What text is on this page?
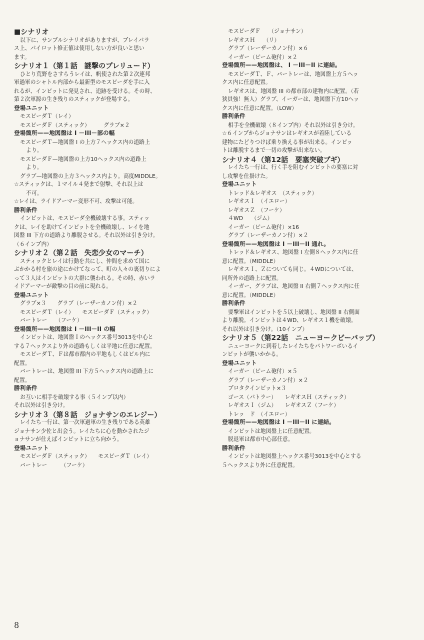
■シナリオ
以下に、サンプルシナリオがありますが、プレイパラ
ス上、パイロット修正値は使用しない方が良いと思い
ます。
シナリオ１（第１話　謎撃のプレリュード）
ひとり荒野をさすらうレイは、帆使された第２次連邦
軍過軍のシャトル内部から最新型のモスピーダを手に入
れるが、インビットに発見され、追跡を受ける。その時、
第２次軍源の生き残りのスティックが登場する。
登場ユニット
モスピーダＴ（レイ）
モスピーダＦ（スティック）　　　グラブ×２
登場箇所——地図盤は I －III－部の幅
モスピーダＴ—地図盤 I の上方７ヘックス内の道路上
より。
モスピーダＦ—地図盤の上方10ヘックス内の道路上
より。
グラブ—地図盤の上方３ヘックス内より。高度MIDDLE。
☆スティックは、１マイル４発まで射撃、それ以上は
不可。
☆レイは、ライドアーマー変形不可、攻撃は可能。
勝利条件
インビットは、モスピーダ全機破壊する事。スティッ
クは、レイを助けてインビットを全機破壊し、レイを地
図盤 III 下方の道路より離脱させる。それ以外は引き分け。
（６インプ内）
シナリオ２（第２話　失恋少女のマーチ）
スティックとレイは行動を共にし、仲間を求めて国に
ぶかかる村を旅の途にかけてなって、町の人々の裏切りによ
って３人はインビットの大群に襲われる。その時、赤いラ
イドアーマーが敵撃の目の前に現れる。
登場ユニット
グラブ×３　　グラブ（レーザーカノン付）×２
モスピーダＴ（レイ）　　モスピーダＦ（スティック）
バートレー　　（フーケ）
登場箇所——地図盤は I －III－II の幅
インビットは、地図盤Ｉのヘックス番号3013を中心と
する７ヘックスより外の道路もしくは平地に任意に配置。
モスピーダＴ、Ｆは都市都内の平地もしくはビル内に
配置。
バートレーは、地図盤 III 下方５ヘックス内の道路上に
配置。
勝利条件
お互いに相手を破壊する事（５インプ以内）
それ以外は引き分け。
シナリオ３（第８話　ジョナサンのエレジー）
レイたち一行は、第一次軍過軍の生き残りである英雄
ジョナサン少佐と出会う。レイたちに心を動かされたジ
ョナサンが仕えばインビットに立ち向かう。
登場ユニット
モスピーダＦ（スティック）　　モスピーダＴ（レイ）
バートレー　　　（フーケ）
モスピーダＦ　　（ジョナサン）
レギオスＨ　　（リ）
グラブ（レーザーカノン付）×６
イーガー（ビーム砲付）×２
登場箇所——地図盤は、 I －III－II に連結。
モスピーダＴ、Ｆ、バートレーは、地図盤上方５ヘッ
クス内に任意配置。
レギオスは、地図盤 III の都市部の建物内に配置。（若
狭員強！無人）グラブ、イーガーは、地図盤下方10ヘッ
クス内に任意に配置。（LOW）
勝利条件
相手を全機破壊（８インプ内）それ以外は引き分け。
☆６インプからジョナサンはレギオスが着陸している
建物にたどりつけば乗り換える事が出来る。インビッ
トは離脱するまで一切の攻撃が出来ない。
シナリオ４（第12話　要塞突破ブギ）
レイたち一行は、行く手を阻むインビットの要塞に対
し攻撃を仕掛けた。
登場ユニット
トレッド＆レギオス　（スティック）
レギオスＩ　（イエロー）
レギオスＺ　（フーケ）
４WD　　（ジム）
イーガー（ビーム砲付）×16
グラブ（レーザーカノン付）×２
登場箇所——地図盤は I －III－II 通れ。
トレッド＆レギオス、地図盤 I 左側８ヘックス内に任
意に配置。（MIDDLE）
レギオスＩ、Ｚについても同じ。４WDについては、
同所外の道路上に配置。
イーガー、グラブは、地図盤 II 右側７ヘックス内に任
意に配置。（MIDDLE）
勝利条件
要撃軍はインビットを５以上破壊し、地図盤 II 右側面
より離脱。インビットは４WD、レギオス１機を破壊。
それ以外は引き分け。（10インプ）
シナリオ５（第22話　ニューヨークビーバップ）
ニューヨークに到着したレイたちをパトワーボいるイ
ンビットが襲いかかる。
登場ユニット
イーガー（ビーム砲付）×５
グラブ（レーザーカノン付）×２
プロタクインビット×３
ゴース（パトラー）　　レギオスＨ（スティック）
レギオスＩ（ジム）　　レギオスＺ（フーケ）
トレッ　ド　（イエロー）
登場箇所——地図盤は I －III－II に連結。
インビットは地図盤上に任意配置。
脱退軍は都市中心部任意。
勝利条件
インビットは地図盤上ヘックス番号3013を中心とする
５ヘックスより外に任意配置。
8
